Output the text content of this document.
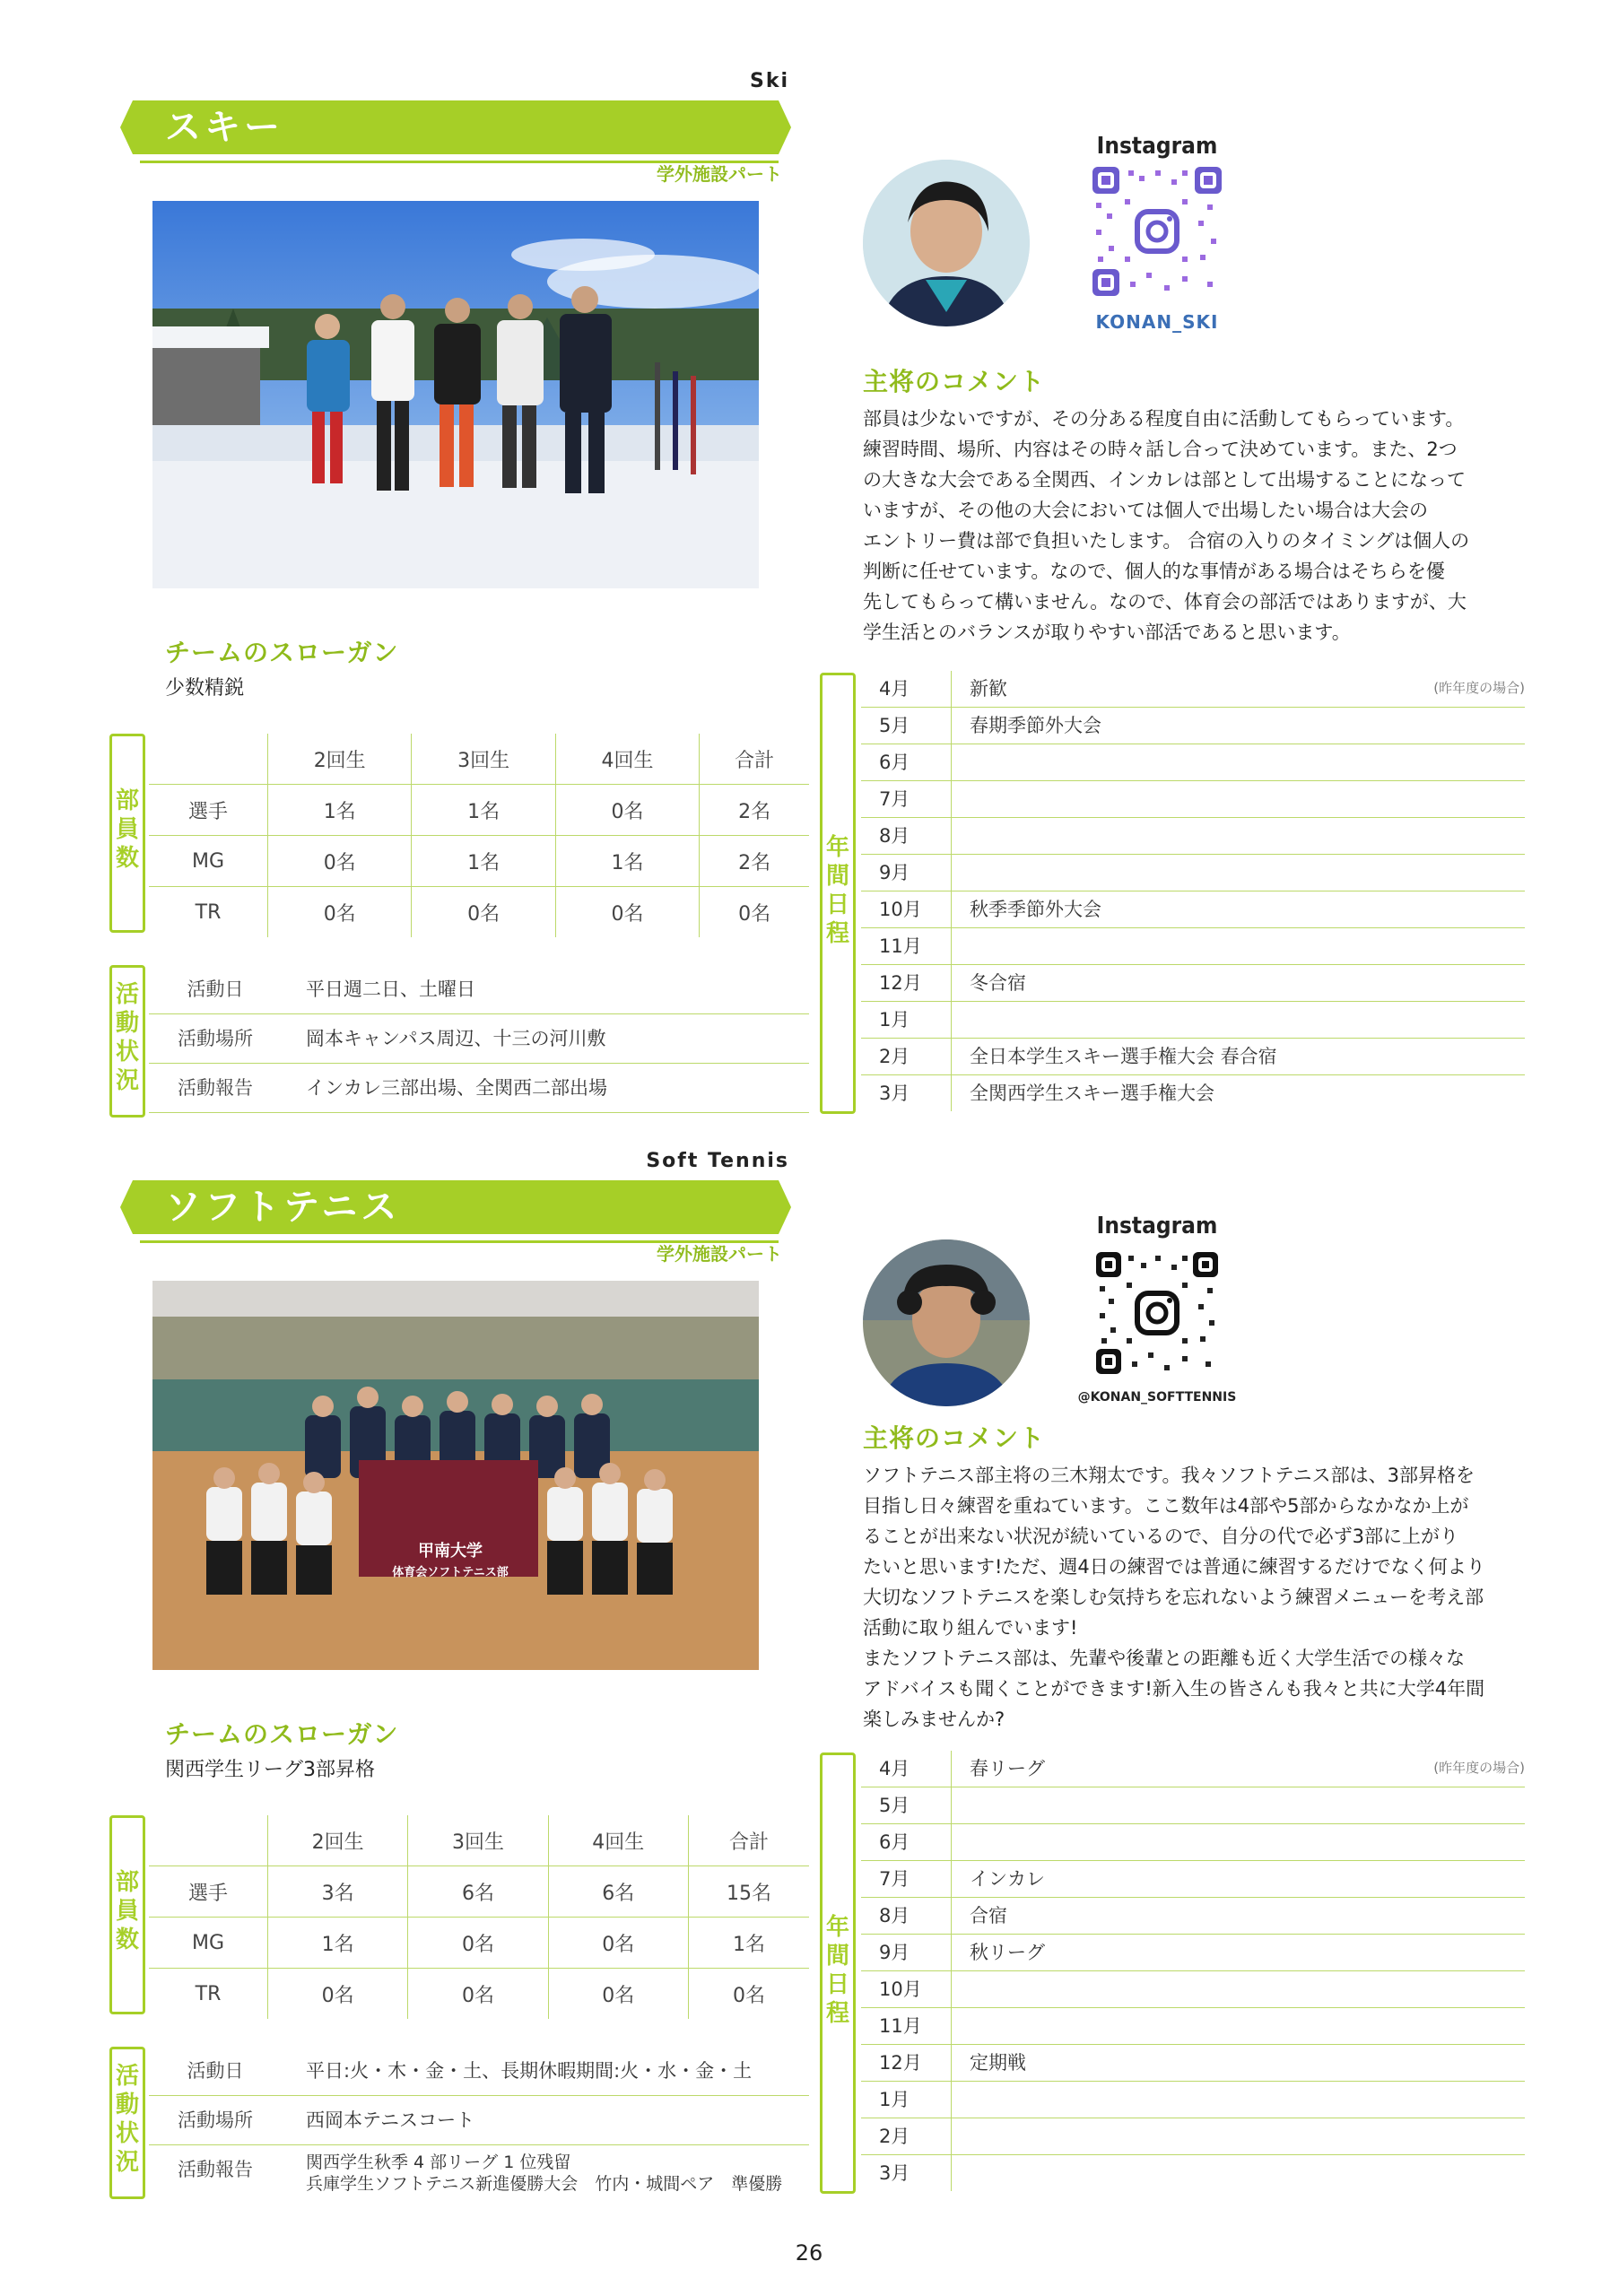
Ski
スキー
学外施設パート
Instagram
KONAN_SKI
主将のコメント
部員は少ないですが、その分ある程度自由に活動してもらっています。
練習時間、場所、内容はその時々話し合って決めています。また、2つ
の大きな大会である全関西、インカレは部として出場することになって
いますが、その他の大会においては個人で出場したい場合は大会の
エントリー費は部で負担いたします。 合宿の入りのタイミングは個人の
判断に任せています。なので、個人的な事情がある場合はそちらを優
先してもらって構いません。なので、体育会の部活ではありますが、大
学生活とのバランスが取りやすい部活であると思います。
チームのスローガン
少数精鋭
部
員
数
	2回生	3回生	4回生	合計
選手	1名	1名	0名	2名
MG	0名	1名	1名	2名
TR	0名	0名	0名	0名
活
動
状
況
活動日	平日週二日、土曜日
活動場所	岡本キャンパス周辺、十三の河川敷
活動報告	インカレ三部出場、全関西二部出場
年
間
日
程
(昨年度の場合)
4月	新歓
5月	春期季節外大会
6月
7月
8月
9月
10月	秋季季節外大会
11月
12月	冬合宿
1月
2月	全日本学生スキー選手権大会 春合宿
3月	全関西学生スキー選手権大会
Soft Tennis
ソフトテニス
学外施設パート
甲南大学
体育会ソフトテニス部
Instagram
@KONAN_SOFTTENNIS
主将のコメント
ソフトテニス部主将の三木翔太です。我々ソフトテニス部は、3部昇格を
目指し日々練習を重ねています。ここ数年は4部や5部からなかなか上が
ることが出来ない状況が続いているので、自分の代で必ず3部に上がり
たいと思います!ただ、週4日の練習では普通に練習するだけでなく何より
大切なソフトテニスを楽しむ気持ちを忘れないよう練習メニューを考え部
活動に取り組んでいます!
またソフトテニス部は、先輩や後輩との距離も近く大学生活での様々な
アドバイスも聞くことができます!新入生の皆さんも我々と共に大学4年間
楽しみませんか?
チームのスローガン
関西学生リーグ3部昇格
部
員
数
	2回生	3回生	4回生	合計
選手	3名	6名	6名	15名
MG	1名	0名	0名	1名
TR	0名	0名	0名	0名
活
動
状
況
活動日	平日:火・木・金・土、長期休暇期間:火・水・金・土
活動場所	西岡本テニスコート
活動報告	関西学生秋季 4 部リーグ 1 位残留
兵庫学生ソフトテニス新進優勝大会　竹内・城間ペア　準優勝
年
間
日
程
(昨年度の場合)
4月	春リーグ
5月
6月
7月	インカレ
8月	合宿
9月	秋リーグ
10月
11月
12月	定期戦
1月
2月
3月
26
